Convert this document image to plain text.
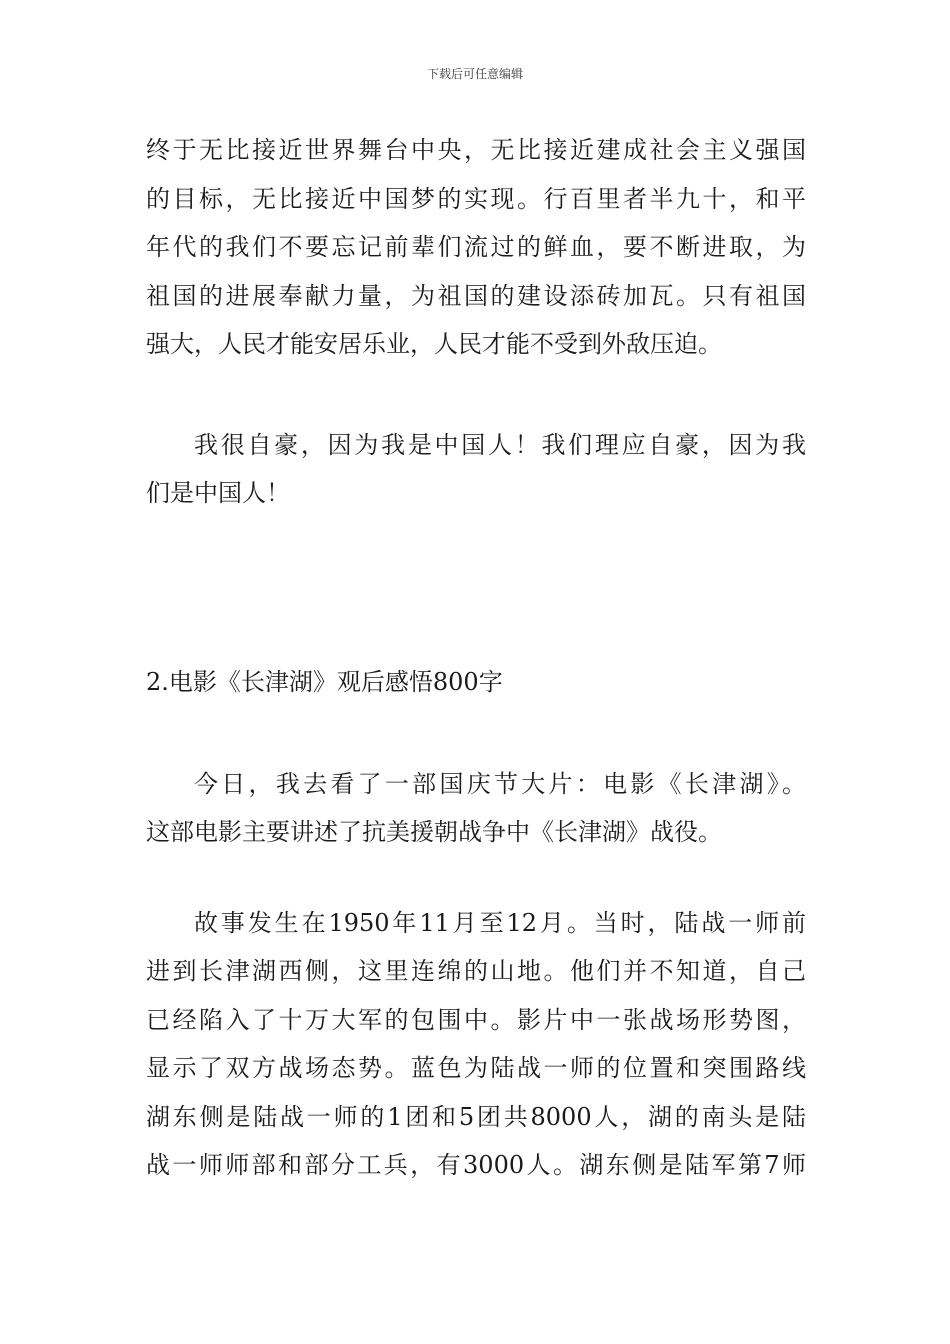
下载后可任意编辑

终于无比接近世界舞台中央，无比接近建成社会主义强国
的目标，无比接近中国梦的实现。行百里者半九十，和平
年代的我们不要忘记前辈们流过的鲜血，要不断进取，为
祖国的进展奉献力量，为祖国的建设添砖加瓦。只有祖国
强大，人民才能安居乐业，人民才能不受到外敌压迫。

我很自豪，因为我是中国人！我们理应自豪，因为我
们是中国人！

2.电影《长津湖》观后感悟800字

今日，我去看了一部国庆节大片：电影《长津湖》。
这部电影主要讲述了抗美援朝战争中《长津湖》战役。

故事发生在1950年11月至12月。当时，陆战一师前
进到长津湖西侧，这里连绵的山地。他们并不知道，自己
已经陷入了十万大军的包围中。影片中一张战场形势图，
显示了双方战场态势。蓝色为陆战一师的位置和突围路线
湖东侧是陆战一师的1团和5团共8000人，湖的南头是陆
战一师师部和部分工兵，有3000人。湖东侧是陆军第7师
